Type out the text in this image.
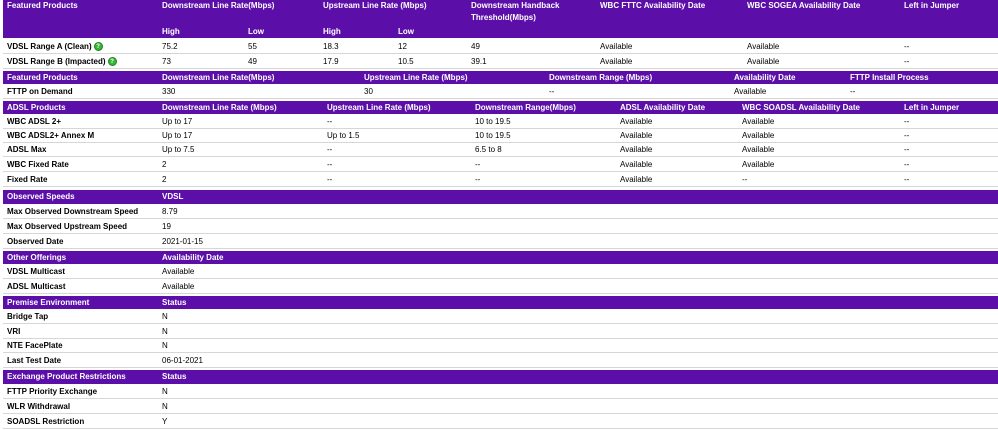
Featured Products	Downstream Line Rate(Mbps)	Upstream Line Rate (Mbps)	Downstream Handback
Threshold(Mbps)
WBC FTTC Availability Date	WBC SOGEA Availability Date	Left in Jumper
High	Low	High	Low
VDSL Range A (Clean) ?	75.2	55	18.3	12	49	Available	Available	--
VDSL Range B (Impacted) ?	73	49	17.9	10.5	39.1	Available	Available	--
Featured Products	Downstream Line Rate(Mbps)	Upstream Line Rate (Mbps)	Downstream Range (Mbps)	Availability Date	FTTP Install Process
FTTP on Demand	330	30	--	Available	--
ADSL Products	Downstream Line Rate (Mbps)	Upstream Line Rate (Mbps)	Downstream Range(Mbps)	ADSL Availability Date	WBC SOADSL Availability Date	Left in Jumper
WBC ADSL 2+	Up to 17	--	10 to 19.5	Available	Available	--
WBC ADSL2+ Annex M	Up to 17	Up to 1.5	10 to 19.5	Available	Available	--
ADSL Max	Up to 7.5	--	6.5 to 8	Available	Available	--
WBC Fixed Rate	2	--	--	Available	Available	--
Fixed Rate	2	--	--	Available	--	--
Observed Speeds	VDSL
Max Observed Downstream Speed	8.79
Max Observed Upstream Speed	19
Observed Date	2021-01-15
Other Offerings	Availability Date
VDSL Multicast	Available
ADSL Multicast	Available
Premise Environment	Status
Bridge Tap	N
VRI	N
NTE FacePlate	N
Last Test Date	06-01-2021
Exchange Product Restrictions	Status
FTTP Priority Exchange	N
WLR Withdrawal	N
SOADSL Restriction	Y
